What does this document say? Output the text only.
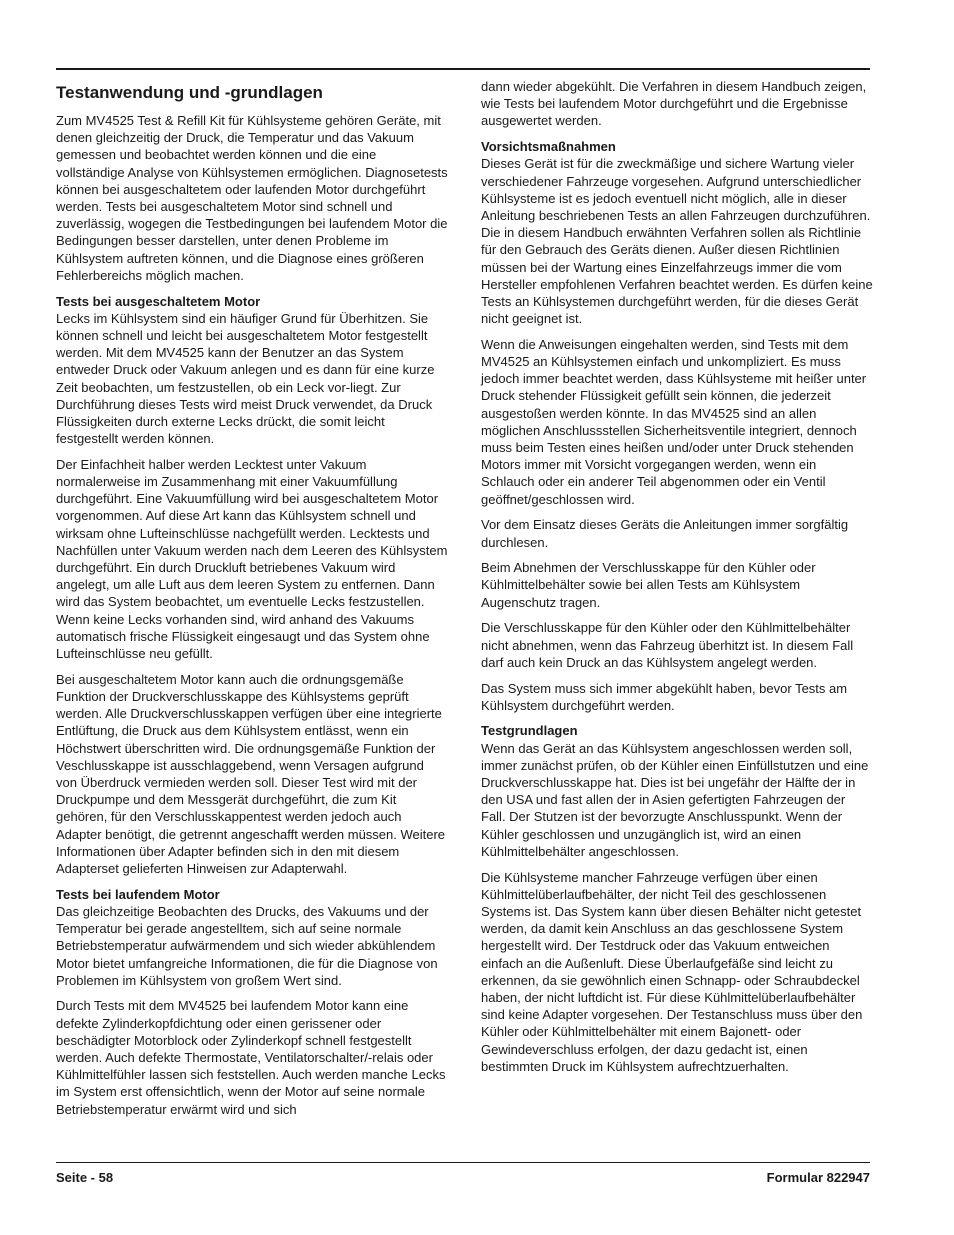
Testanwendung und -grundlagen

Zum MV4525 Test & Refill Kit für Kühlsysteme gehören Geräte, mit denen gleichzeitig der Druck, die Temperatur und das Vakuum gemessen und beobachtet werden können und die eine vollständige Analyse von Kühlsystemen ermöglichen. Diagnosetests können bei ausgeschaltetem oder laufenden Motor durchgeführt werden. Tests bei ausgeschaltetem Motor sind schnell und zuverlässig, wogegen die Testbedingungen bei laufendem Motor die Bedingungen besser darstellen, unter denen Probleme im Kühlsystem auftreten können, und die Diagnose eines größeren Fehlerbereichs möglich machen.

Tests bei ausgeschaltetem Motor
Lecks im Kühlsystem sind ein häufiger Grund für Überhitzen. Sie können schnell und leicht bei ausgeschaltetem Motor festgestellt werden. Mit dem MV4525 kann der Benutzer an das System entweder Druck oder Vakuum anlegen und es dann für eine kurze Zeit beobachten, um festzustellen, ob ein Leck vor-liegt. Zur Durchführung dieses Tests wird meist Druck verwendet, da Druck Flüssigkeiten durch externe Lecks drückt, die somit leicht festgestellt werden können.

Der Einfachheit halber werden Lecktest unter Vakuum normalerweise im Zusammenhang mit einer Vakuumfüllung durchgeführt. Eine Vakuumfüllung wird bei ausgeschaltetem Motor vorgenommen. Auf diese Art kann das Kühlsystem schnell und wirksam ohne Lufteinschlüsse nachgefüllt werden. Lecktests und Nachfüllen unter Vakuum werden nach dem Leeren des Kühlsystem durchgeführt. Ein durch Druckluft betriebenes Vakuum wird angelegt, um alle Luft aus dem leeren System zu entfernen. Dann wird das System beobachtet, um eventuelle Lecks festzustellen. Wenn keine Lecks vorhanden sind, wird anhand des Vakuums automatisch frische Flüssigkeit eingesaugt und das System ohne Lufteinschlüsse neu gefüllt.

Bei ausgeschaltetem Motor kann auch die ordnungsgemäße Funktion der Druckverschlusskappe des Kühlsystems geprüft werden. Alle Druckverschlusskappen verfügen über eine integrierte Entlüftung, die Druck aus dem Kühlsystem entlässt, wenn ein Höchstwert überschritten wird. Die ordnungsgemäße Funktion der Veschlusskappe ist ausschlaggebend, wenn Versagen aufgrund von Überdruck vermieden werden soll. Dieser Test wird mit der Druckpumpe und dem Messgerät durchgeführt, die zum Kit gehören, für den Verschlusskappentest werden jedoch auch Adapter benötigt, die getrennt angeschafft werden müssen. Weitere Informationen über Adapter befinden sich in den mit diesem Adapterset gelieferten Hinweisen zur Adapterwahl.

Tests bei laufendem Motor
Das gleichzeitige Beobachten des Drucks, des Vakuums und der Temperatur bei gerade angestelltem, sich auf seine normale Betriebstemperatur aufwärmendem und sich wieder abkühlendem Motor bietet umfangreiche Informationen, die für die Diagnose von Problemen im Kühlsystem von großem Wert sind.

Durch Tests mit dem MV4525 bei laufendem Motor kann eine defekte Zylinderkopfdichtung oder einen gerissener oder beschädigter Motorblock oder Zylinderkopf schnell festgestellt werden. Auch defekte Thermostate, Ventilatorschalter/-relais oder Kühlmittelfühler lassen sich feststellen. Auch werden manche Lecks im System erst offensichtlich, wenn der Motor auf seine normale Betriebstemperatur erwärmt wird und sich

dann wieder abgekühlt. Die Verfahren in diesem Handbuch zeigen, wie Tests bei laufendem Motor durchgeführt und die Ergebnisse ausgewertet werden.

Vorsichtsmaßnahmen
Dieses Gerät ist für die zweckmäßige und sichere Wartung vieler verschiedener Fahrzeuge vorgesehen. Aufgrund unterschiedlicher Kühlsysteme ist es jedoch eventuell nicht möglich, alle in dieser Anleitung beschriebenen Tests an allen Fahrzeugen durchzuführen. Die in diesem Handbuch erwähnten Verfahren sollen als Richtlinie für den Gebrauch des Geräts dienen. Außer diesen Richtlinien müssen bei der Wartung eines Einzelfahrzeugs immer die vom Hersteller empfohlenen Verfahren beachtet werden. Es dürfen keine Tests an Kühlsystemen durchgeführt werden, für die dieses Gerät nicht geeignet ist.

Wenn die Anweisungen eingehalten werden, sind Tests mit dem MV4525 an Kühlsystemen einfach und unkompliziert. Es muss jedoch immer beachtet werden, dass Kühlsysteme mit heißer unter Druck stehender Flüssigkeit gefüllt sein können, die jederzeit ausgestoßen werden könnte. In das MV4525 sind an allen möglichen Anschlussstellen Sicherheitsventile integriert, dennoch muss beim Testen eines heißen und/oder unter Druck stehenden Motors immer mit Vorsicht vorgegangen werden, wenn ein Schlauch oder ein anderer Teil abgenommen oder ein Ventil geöffnet/geschlossen wird.

Vor dem Einsatz dieses Geräts die Anleitungen immer sorgfältig durchlesen.

Beim Abnehmen der Verschlusskappe für den Kühler oder Kühlmittelbehälter sowie bei allen Tests am Kühlsystem Augenschutz tragen.

Die Verschlusskappe für den Kühler oder den Kühlmittelbehälter nicht abnehmen, wenn das Fahrzeug überhitzt ist. In diesem Fall darf auch kein Druck an das Kühlsystem angelegt werden.

Das System muss sich immer abgekühlt haben, bevor Tests am Kühlsystem durchgeführt werden.

Testgrundlagen
Wenn das Gerät an das Kühlsystem angeschlossen werden soll, immer zunächst prüfen, ob der Kühler einen Einfüllstutzen und eine Druckverschlusskappe hat. Dies ist bei ungefähr der Hälfte der in den USA und fast allen der in Asien gefertigten Fahrzeugen der Fall. Der Stutzen ist der bevorzugte Anschlusspunkt. Wenn der Kühler geschlossen und unzugänglich ist, wird an einen Kühlmittelbehälter angeschlossen.

Die Kühlsysteme mancher Fahrzeuge verfügen über einen Kühlmittelüberlaufbehälter, der nicht Teil des geschlossenen Systems ist. Das System kann über diesen Behälter nicht getestet werden, da damit kein Anschluss an das geschlossene System hergestellt wird. Der Testdruck oder das Vakuum entweichen einfach an die Außenluft. Diese Überlaufgefäße sind leicht zu erkennen, da sie gewöhnlich einen Schnapp- oder Schraubdeckel haben, der nicht luftdicht ist. Für diese Kühlmittelüberlaufbehälter sind keine Adapter vorgesehen. Der Testanschluss muss über den Kühler oder Kühlmittelbehälter mit einem Bajonett- oder Gewindeverschluss erfolgen, der dazu gedacht ist, einen bestimmten Druck im Kühlsystem aufrechtzuerhalten.

Seite - 58	Formular 822947
